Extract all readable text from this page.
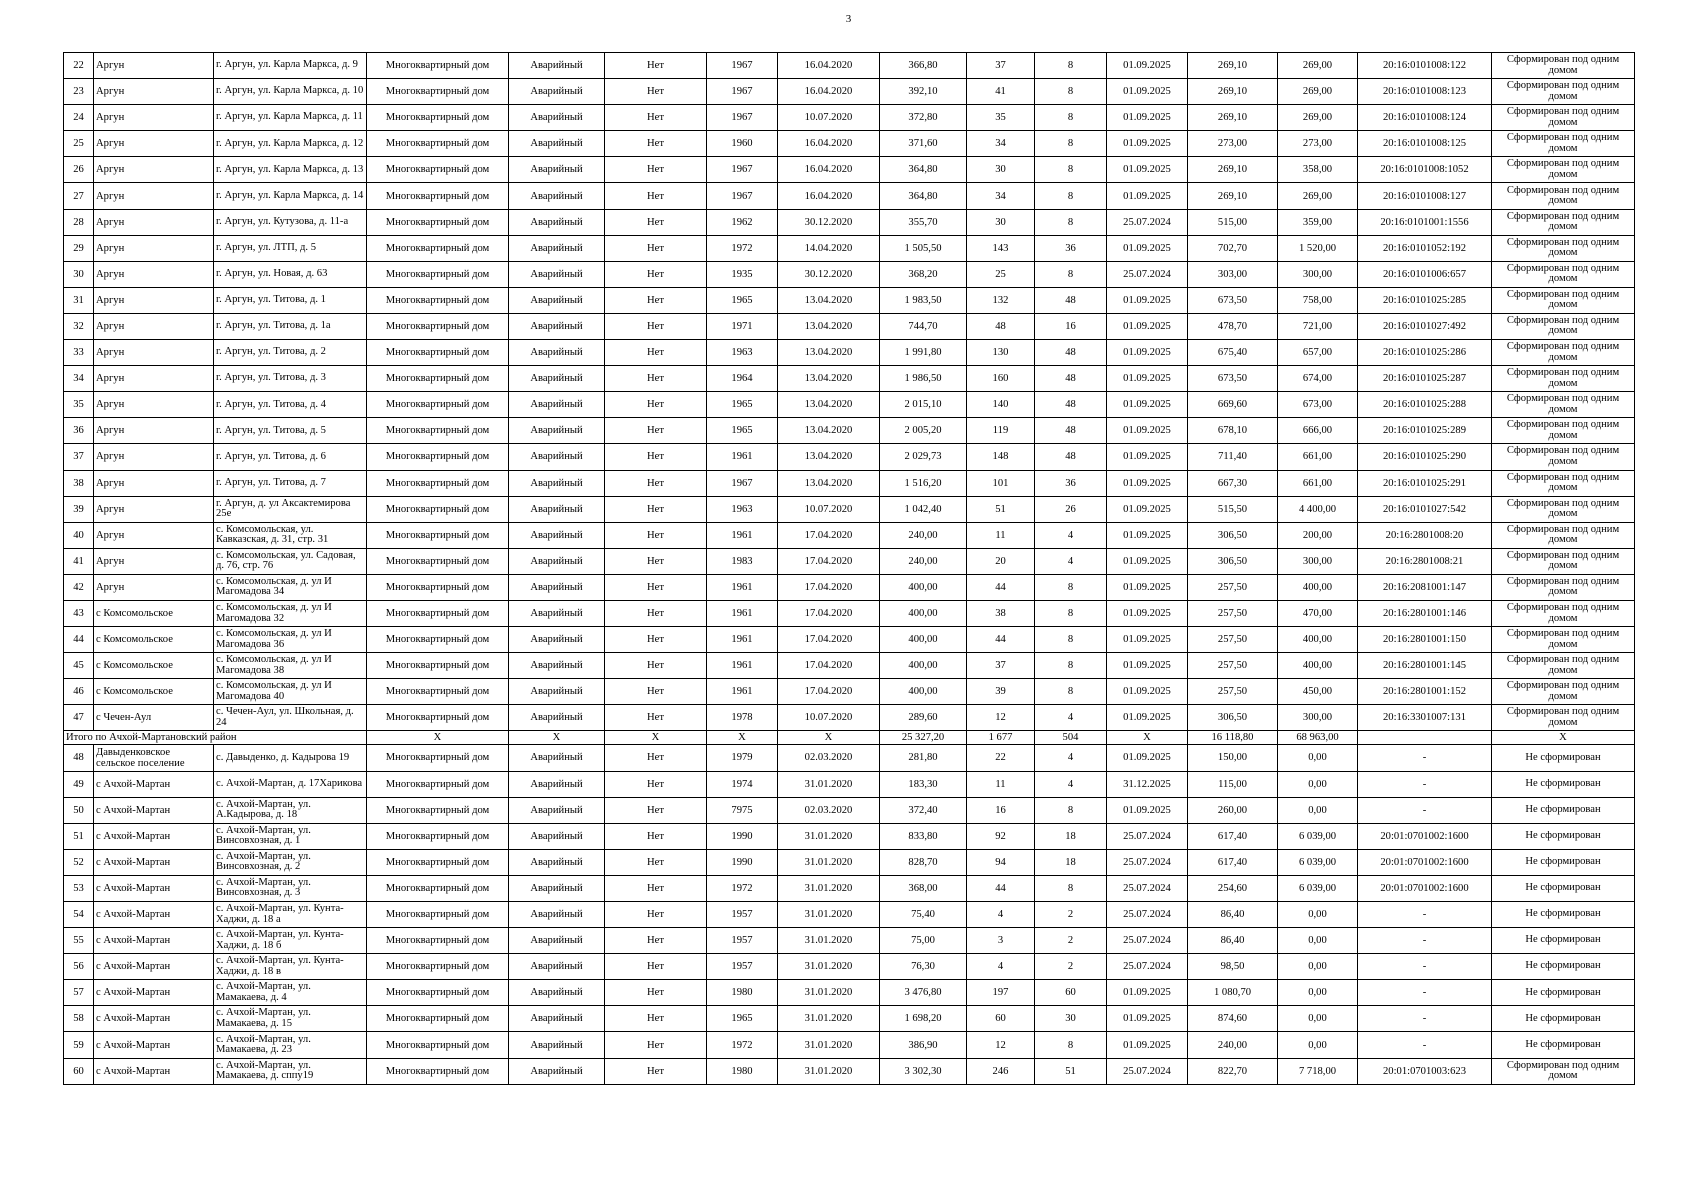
3
22	Аргун	г. Аргун, ул. Карла Маркса, д. 9	Многоквартирный дом	Аварийный	Нет	1967	16.04.2020	366,80	37	8	01.09.2025	269,10	269,00	20:16:0101008:122	Сформирован под одним домом
23	Аргун	г. Аргун, ул. Карла Маркса, д. 10	Многоквартирный дом	Аварийный	Нет	1967	16.04.2020	392,10	41	8	01.09.2025	269,10	269,00	20:16:0101008:123	Сформирован под одним домом
24	Аргун	г. Аргун, ул. Карла Маркса, д. 11	Многоквартирный дом	Аварийный	Нет	1967	10.07.2020	372,80	35	8	01.09.2025	269,10	269,00	20:16:0101008:124	Сформирован под одним домом
25	Аргун	г. Аргун, ул. Карла Маркса, д. 12	Многоквартирный дом	Аварийный	Нет	1960	16.04.2020	371,60	34	8	01.09.2025	273,00	273,00	20:16:0101008:125	Сформирован под одним домом
26	Аргун	г. Аргун, ул. Карла Маркса, д. 13	Многоквартирный дом	Аварийный	Нет	1967	16.04.2020	364,80	30	8	01.09.2025	269,10	358,00	20:16:0101008:1052	Сформирован под одним домом
27	Аргун	г. Аргун, ул. Карла Маркса, д. 14	Многоквартирный дом	Аварийный	Нет	1967	16.04.2020	364,80	34	8	01.09.2025	269,10	269,00	20:16:0101008:127	Сформирован под одним домом
28	Аргун	г. Аргун, ул. Кутузова, д. 11-а	Многоквартирный дом	Аварийный	Нет	1962	30.12.2020	355,70	30	8	25.07.2024	515,00	359,00	20:16:0101001:1556	Сформирован под одним домом
29	Аргун	г. Аргун, ул. ЛТП, д. 5	Многоквартирный дом	Аварийный	Нет	1972	14.04.2020	1 505,50	143	36	01.09.2025	702,70	1 520,00	20:16:0101052:192	Сформирован под одним домом
30	Аргун	г. Аргун, ул. Новая, д. 63	Многоквартирный дом	Аварийный	Нет	1935	30.12.2020	368,20	25	8	25.07.2024	303,00	300,00	20:16:0101006:657	Сформирован под одним домом
31	Аргун	г. Аргун, ул. Титова, д. 1	Многоквартирный дом	Аварийный	Нет	1965	13.04.2020	1 983,50	132	48	01.09.2025	673,50	758,00	20:16:0101025:285	Сформирован под одним домом
32	Аргун	г. Аргун, ул. Титова, д. 1а	Многоквартирный дом	Аварийный	Нет	1971	13.04.2020	744,70	48	16	01.09.2025	478,70	721,00	20:16:0101027:492	Сформирован под одним домом
33	Аргун	г. Аргун, ул. Титова, д. 2	Многоквартирный дом	Аварийный	Нет	1963	13.04.2020	1 991,80	130	48	01.09.2025	675,40	657,00	20:16:0101025:286	Сформирован под одним домом
34	Аргун	г. Аргун, ул. Титова, д. 3	Многоквартирный дом	Аварийный	Нет	1964	13.04.2020	1 986,50	160	48	01.09.2025	673,50	674,00	20:16:0101025:287	Сформирован под одним домом
35	Аргун	г. Аргун, ул. Титова, д. 4	Многоквартирный дом	Аварийный	Нет	1965	13.04.2020	2 015,10	140	48	01.09.2025	669,60	673,00	20:16:0101025:288	Сформирован под одним домом
36	Аргун	г. Аргун, ул. Титова, д. 5	Многоквартирный дом	Аварийный	Нет	1965	13.04.2020	2 005,20	119	48	01.09.2025	678,10	666,00	20:16:0101025:289	Сформирован под одним домом
37	Аргун	г. Аргун, ул. Титова, д. 6	Многоквартирный дом	Аварийный	Нет	1961	13.04.2020	2 029,73	148	48	01.09.2025	711,40	661,00	20:16:0101025:290	Сформирован под одним домом
38	Аргун	г. Аргун, ул. Титова, д. 7	Многоквартирный дом	Аварийный	Нет	1967	13.04.2020	1 516,20	101	36	01.09.2025	667,30	661,00	20:16:0101025:291	Сформирован под одним домом
39	Аргун	г. Аргун, д. ул Аксактемирова 25е	Многоквартирный дом	Аварийный	Нет	1963	10.07.2020	1 042,40	51	26	01.09.2025	515,50	4 400,00	20:16:0101027:542	Сформирован под одним домом
40	Аргун	с. Комсомольская, ул. Кавказская, д. 31, стр. 31	Многоквартирный дом	Аварийный	Нет	1961	17.04.2020	240,00	11	4	01.09.2025	306,50	200,00	20:16:2801008:20	Сформирован под одним домом
41	Аргун	с. Комсомольская, ул. Садовая, д. 76, стр. 76	Многоквартирный дом	Аварийный	Нет	1983	17.04.2020	240,00	20	4	01.09.2025	306,50	300,00	20:16:2801008:21	Сформирован под одним домом
42	Аргун	с. Комсомольская, д. ул И Магомадова 34	Многоквартирный дом	Аварийный	Нет	1961	17.04.2020	400,00	44	8	01.09.2025	257,50	400,00	20:16:2081001:147	Сформирован под одним домом
43	с Комсомольское	с. Комсомольская, д. ул И Магомадова 32	Многоквартирный дом	Аварийный	Нет	1961	17.04.2020	400,00	38	8	01.09.2025	257,50	470,00	20:16:2801001:146	Сформирован под одним домом
44	с Комсомольское	с. Комсомольская, д. ул И Магомадова 36	Многоквартирный дом	Аварийный	Нет	1961	17.04.2020	400,00	44	8	01.09.2025	257,50	400,00	20:16:2801001:150	Сформирован под одним домом
45	с Комсомольское	с. Комсомольская, д. ул И Магомадова 38	Многоквартирный дом	Аварийный	Нет	1961	17.04.2020	400,00	37	8	01.09.2025	257,50	400,00	20:16:2801001:145	Сформирован под одним домом
46	с Комсомольское	с. Комсомольская, д. ул И Магомадова 40	Многоквартирный дом	Аварийный	Нет	1961	17.04.2020	400,00	39	8	01.09.2025	257,50	450,00	20:16:2801001:152	Сформирован под одним домом
47	с Чечен-Аул	с. Чечен-Аул, ул. Школьная, д. 24	Многоквартирный дом	Аварийный	Нет	1978	10.07.2020	289,60	12	4	01.09.2025	306,50	300,00	20:16:3301007:131	Сформирован под одним домом
Итого по Ачхой-Мартановский район			X	X	X	X	X	25 327,20	1 677	504	X	16 118,80	68 963,00		X
48	Давыденковское сельское поселение	с. Давыденко, д. Кадырова 19	Многоквартирный дом	Аварийный	Нет	1979	02.03.2020	281,80	22	4	01.09.2025	150,00	0,00	-	Не сформирован
49	с Ачхой-Мартан	с. Ачхой-Мартан, д. 17Харикова	Многоквартирный дом	Аварийный	Нет	1974	31.01.2020	183,30	11	4	31.12.2025	115,00	0,00	-	Не сформирован
50	с Ачхой-Мартан	с. Ачхой-Мартан, ул. А.Кадырова, д. 18	Многоквартирный дом	Аварийный	Нет	7975	02.03.2020	372,40	16	8	01.09.2025	260,00	0,00	-	Не сформирован
51	с Ачхой-Мартан	с. Ачхой-Мартан, ул. Винсовхозная, д. 1	Многоквартирный дом	Аварийный	Нет	1990	31.01.2020	833,80	92	18	25.07.2024	617,40	6 039,00	20:01:0701002:1600	Не сформирован
52	с Ачхой-Мартан	с. Ачхой-Мартан, ул. Винсовхозная, д. 2	Многоквартирный дом	Аварийный	Нет	1990	31.01.2020	828,70	94	18	25.07.2024	617,40	6 039,00	20:01:0701002:1600	Не сформирован
53	с Ачхой-Мартан	с. Ачхой-Мартан, ул. Винсовхозная, д. 3	Многоквартирный дом	Аварийный	Нет	1972	31.01.2020	368,00	44	8	25.07.2024	254,60	6 039,00	20:01:0701002:1600	Не сформирован
54	с Ачхой-Мартан	с. Ачхой-Мартан, ул. Кунта-Хаджи, д. 18 а	Многоквартирный дом	Аварийный	Нет	1957	31.01.2020	75,40	4	2	25.07.2024	86,40	0,00	-	Не сформирован
55	с Ачхой-Мартан	с. Ачхой-Мартан, ул. Кунта-Хаджи, д. 18 б	Многоквартирный дом	Аварийный	Нет	1957	31.01.2020	75,00	3	2	25.07.2024	86,40	0,00	-	Не сформирован
56	с Ачхой-Мартан	с. Ачхой-Мартан, ул. Кунта-Хаджи, д. 18 в	Многоквартирный дом	Аварийный	Нет	1957	31.01.2020	76,30	4	2	25.07.2024	98,50	0,00	-	Не сформирован
57	с Ачхой-Мартан	с. Ачхой-Мартан, ул. Мамакаева, д. 4	Многоквартирный дом	Аварийный	Нет	1980	31.01.2020	3 476,80	197	60	01.09.2025	1 080,70	0,00	-	Не сформирован
58	с Ачхой-Мартан	с. Ачхой-Мартан, ул. Мамакаева, д. 15	Многоквартирный дом	Аварийный	Нет	1965	31.01.2020	1 698,20	60	30	01.09.2025	874,60	0,00	-	Не сформирован
59	с Ачхой-Мартан	с. Ачхой-Мартан, ул. Мамакаева, д. 23	Многоквартирный дом	Аварийный	Нет	1972	31.01.2020	386,90	12	8	01.09.2025	240,00	0,00	-	Не сформирован
60	с Ачхой-Мартан	с. Ачхой-Мартан, ул. Мамакаева, д. сппу19	Многоквартирный дом	Аварийный	Нет	1980	31.01.2020	3 302,30	246	51	25.07.2024	822,70	7 718,00	20:01:0701003:623	Сформирован под одним домом
